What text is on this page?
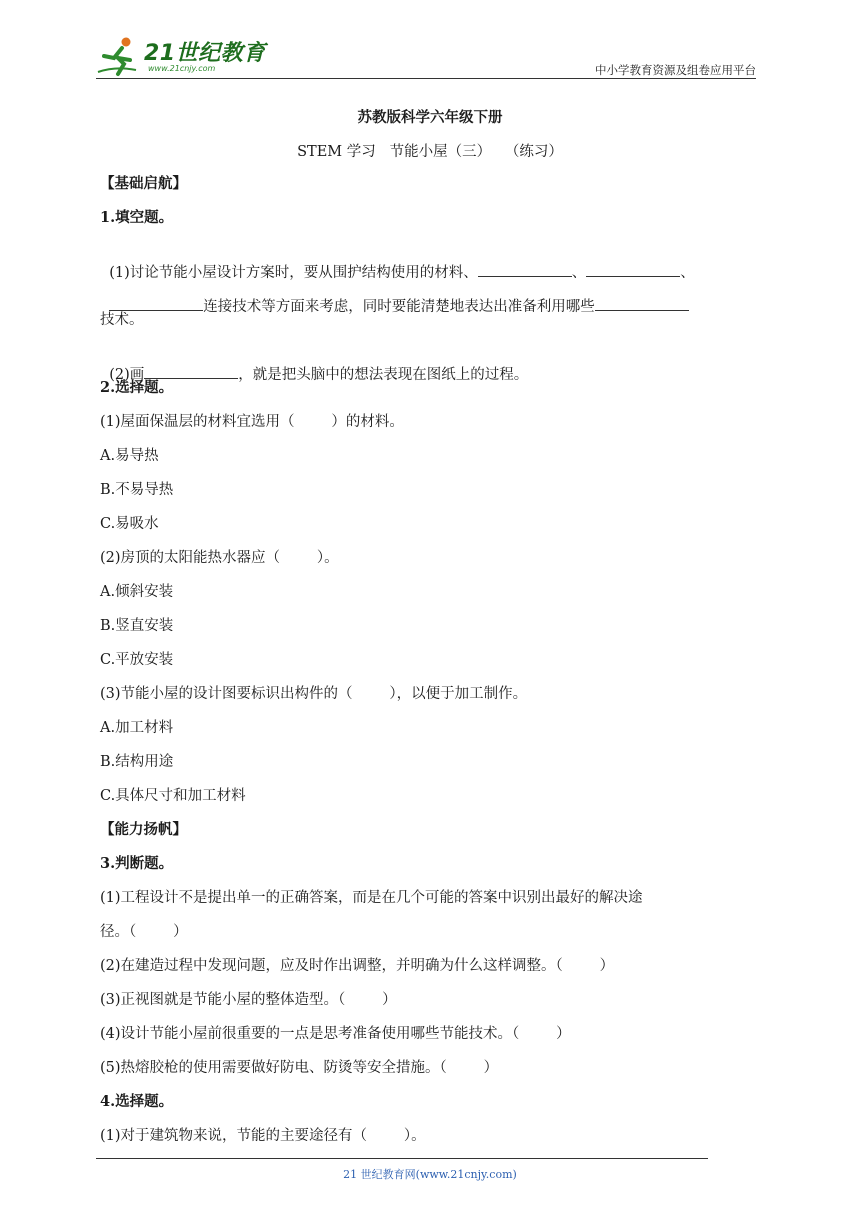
21世纪教育
www.21cnjy.com	中小学教育资源及组卷应用平台
苏教版科学六年级下册
STEM 学习   节能小屋（三）   （练习）
【基础启航】
1.填空题。

(1)讨论节能小屋设计方案时，要从围护结构使用的材料、	、	、

连接技术等方面来考虑，同时要能清楚地表达出准备利用哪些

技术。

(2)画	，就是把头脑中的想法表现在图纸上的过程。

2.选择题。
(1)屋面保温层的材料宜选用（        ）的材料。
A.易导热
B.不易导热
C.易吸水
(2)房顶的太阳能热水器应（        ）。
A.倾斜安装
B.竖直安装
C.平放安装
(3)节能小屋的设计图要标识出构件的（        ），以便于加工制作。
A.加工材料
B.结构用途
C.具体尺寸和加工材料
【能力扬帆】
3.判断题。
(1)工程设计不是提出单一的正确答案，而是在几个可能的答案中识别出最好的解决途
径。（        ）
(2)在建造过程中发现问题，应及时作出调整，并明确为什么这样调整。（        ）
(3)正视图就是节能小屋的整体造型。（        ）
(4)设计节能小屋前很重要的一点是思考准备使用哪些节能技术。（        ）
(5)热熔胶枪的使用需要做好防电、防烫等安全措施。（        ）
4.选择题。
(1)对于建筑物来说，节能的主要途径有（        ）。
21 世纪教育网(www.21cnjy.com)
